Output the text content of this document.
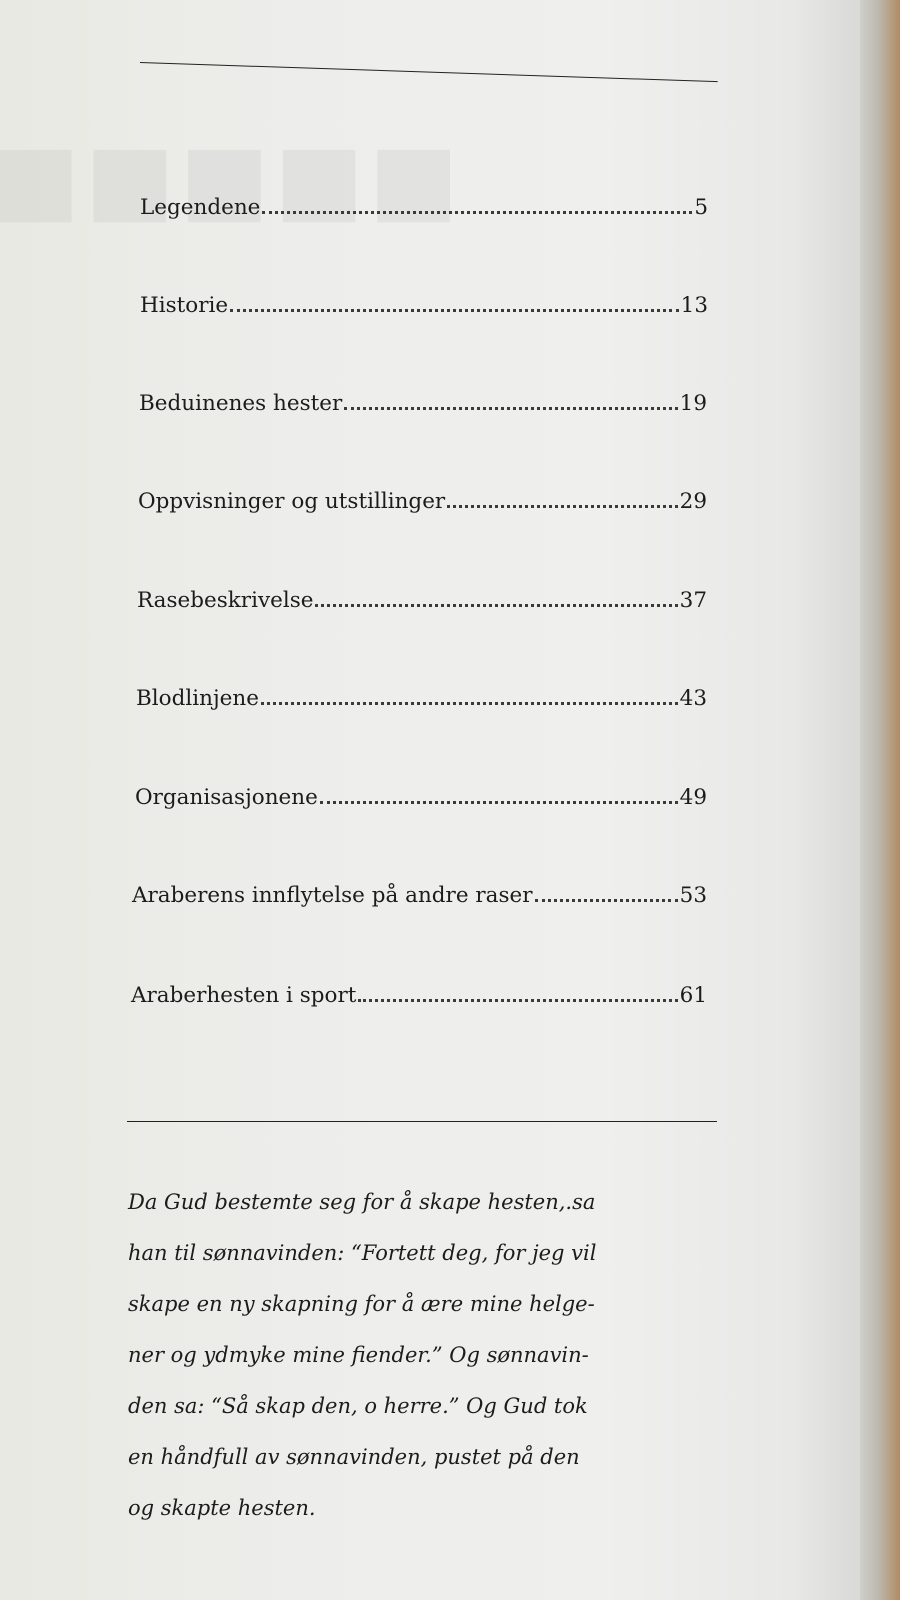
Legendene	5
Historie	13
Beduinenes hester	19
Oppvisninger og utstillinger	29
Rasebeskrivelse	37
Blodlinjene	43
Organisasjonene	49
Araberens innflytelse på andre raser	53
Araberhesten i sport	61

Da Gud bestemte seg for å skape hesten,.sa
han til sønnavinden: “Fortett deg, for jeg vil
skape en ny skapning for å ære mine helge-
ner og ydmyke mine fiender.” Og sønnavin-
den sa: “Så skap den, o herre.” Og Gud tok
en håndfull av sønnavinden, pustet på den
og skapte hesten.
